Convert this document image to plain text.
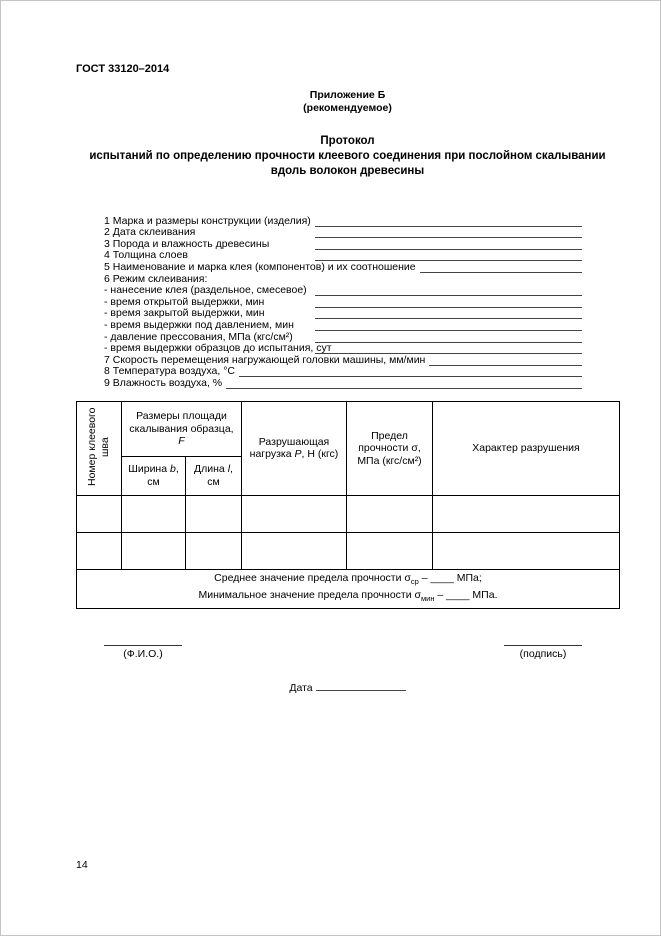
ГОСТ 33120–2014
Приложение Б
(рекомендуемое)
Протокол
испытаний по определению прочности клеевого соединения при послойном скалывании вдоль волокон древесины
1 Марка и размеры конструкции (изделия)
2 Дата склеивания
3 Порода и влажность древесины
4 Толщина слоев
5 Наименование и марка клея (компонентов) и их соотношение
6 Режим склеивания:
- нанесение клея (раздельное, смесевое)
- время открытой выдержки, мин
- время закрытой выдержки, мин
- время выдержки под давлением, мин
- давление прессования, МПа (кгс/см²)
- время выдержки образцов до испытания, сут
7 Скорость перемещения нагружающей головки машины, мм/мин
8 Температура воздуха, °С
9 Влажность воздуха, %
Номер клеевого шва	Размеры площади скалывания образца, F		Разрушающая нагрузка P, Н (кгс)	Предел прочности σ, МПа (кгс/см²)	Характер разрушения
	Ширина b, см	Длина l, см			

Среднее значение предела прочности $\sigma_{ср}$ – ____ МПа;
Минимальное значение предела прочности $\sigma_{мин}$ – ____ МПа.					
(Ф.И.О.)	(подпись)
Дата
14
